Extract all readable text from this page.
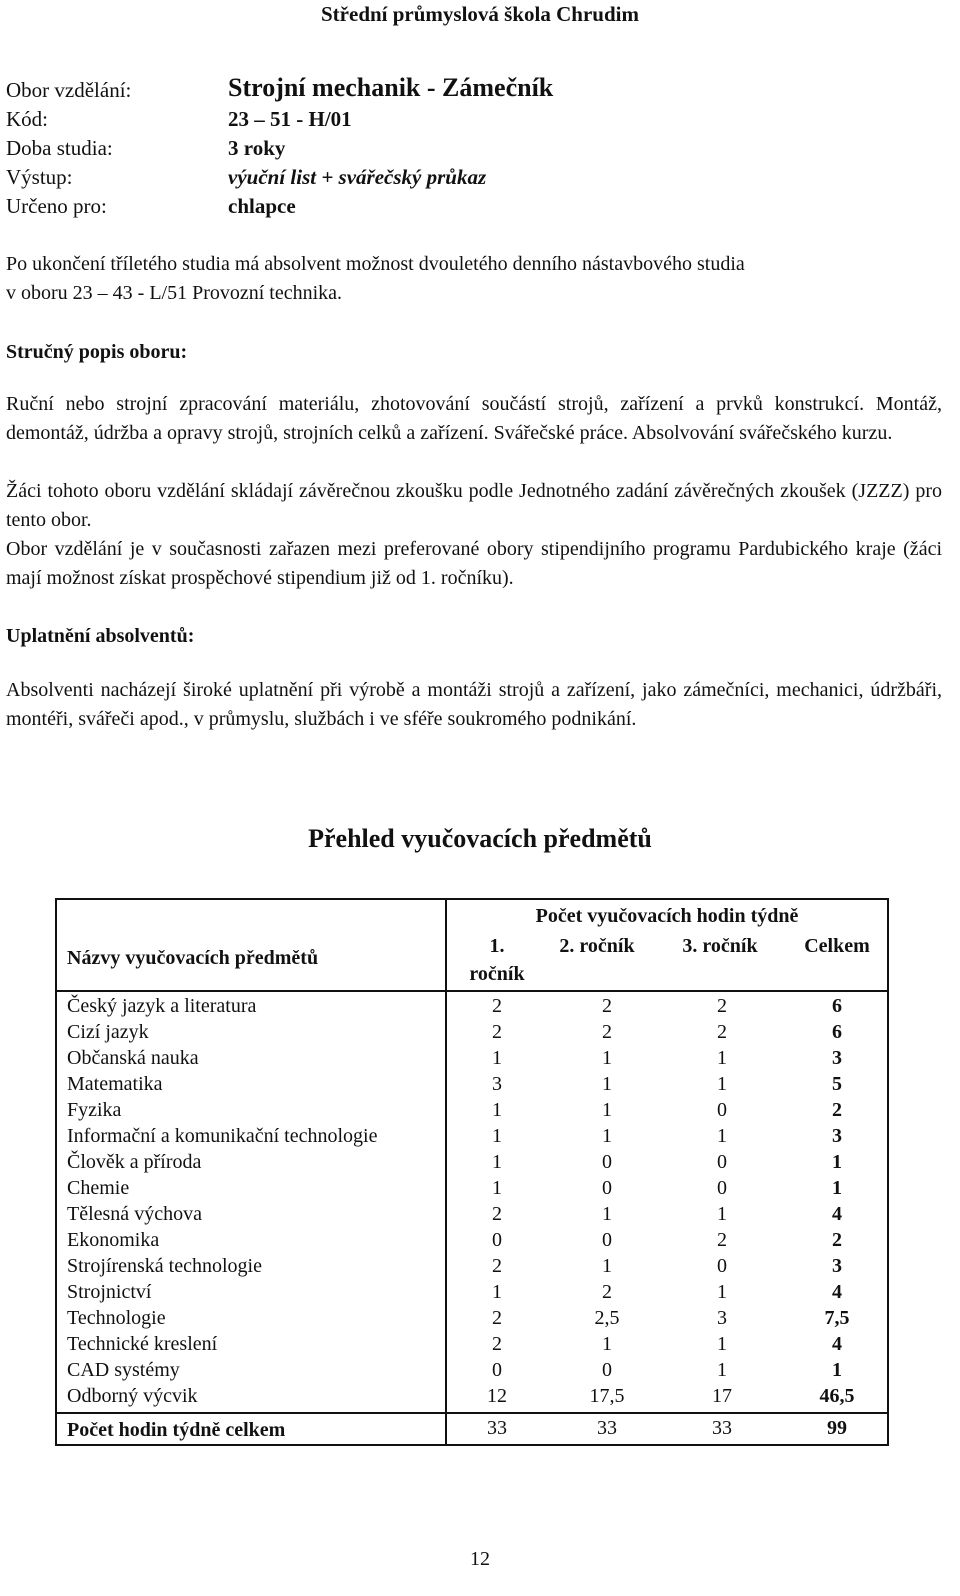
Střední průmyslová škola Chrudim
Obor vzdělání:	Strojní mechanik - Zámečník
Kód:	23 – 51 - H/01
Doba studia:	3 roky
Výstup:	výuční list + svářečský průkaz
Určeno pro:	chlapce
Po ukončení tříletého studia má absolvent možnost dvouletého denního nástavbového studia
v oboru 23 – 43 - L/51 Provozní technika.
Stručný popis oboru:
Ruční nebo strojní zpracování materiálu, zhotovování součástí strojů, zařízení a prvků konstrukcí. Montáž, demontáž, údržba a opravy strojů, strojních celků a zařízení. Svářečské práce. Absolvování svářečského kurzu.
Žáci tohoto oboru vzdělání skládají závěrečnou zkoušku podle Jednotného zadání závěrečných zkoušek (JZZZ) pro tento obor.
Obor vzdělání je v současnosti zařazen mezi preferované obory stipendijního programu Pardubického kraje (žáci mají možnost získat prospěchové stipendium již od 1. ročníku).
Uplatnění absolventů:
Absolventi nacházejí široké uplatnění při výrobě a montáži strojů a zařízení, jako zámečníci, mechanici, údržbáři, montéři, svářeči apod., v průmyslu, službách i ve sféře soukromého podnikání.
Přehled vyučovacích předmětů
Názvy vyučovacích předmětů
Počet vyučovacích hodin týdně
1.
ročník
2. ročník	3. ročník	Celkem
Český jazyk a literatura	2	2	2	6
Cizí jazyk	2	2	2	6
Občanská nauka	1	1	1	3
Matematika	3	1	1	5
Fyzika	1	1	0	2
Informační a komunikační technologie	1	1	1	3
Člověk a příroda	1	0	0	1
Chemie	1	0	0	1
Tělesná výchova	2	1	1	4
Ekonomika	0	0	2	2
Strojírenská technologie	2	1	0	3
Strojnictví	1	2	1	4
Technologie	2	2,5	3	7,5
Technické kreslení	2	1	1	4
CAD systémy	0	0	1	1
Odborný výcvik	12	17,5	17	46,5
Počet hodin týdně celkem	33	33	33	99
12
